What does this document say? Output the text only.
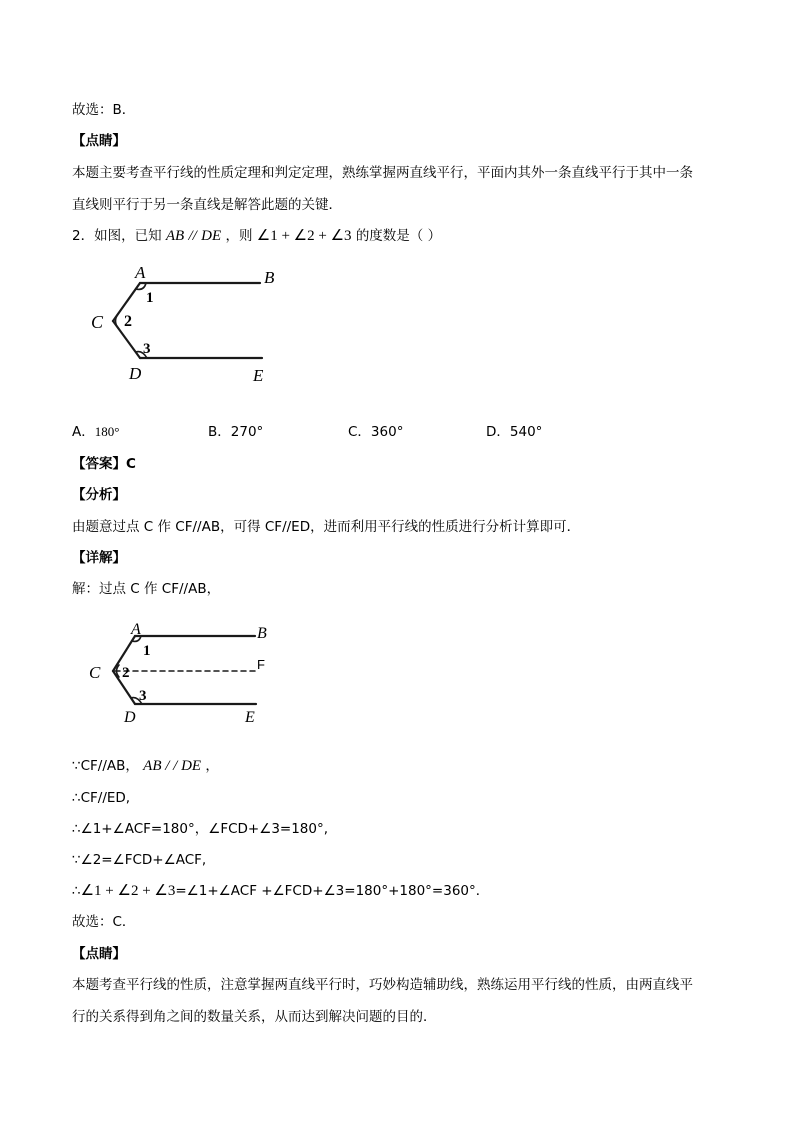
故选：B．
【点睛】
本题主要考查平行线的性质定理和判定定理，熟练掌握两直线平行，平面内其外一条直线平行于其中一条
直线则平行于另一条直线是解答此题的关键．
2．如图，已知 AB // DE ，则 ∠1 + ∠2 + ∠3 的度数是（ ）
A	B
C
D	E
1
2
3
A．180°	B．270°	C．360°	D．540°
【答案】C
【分析】
由题意过点 C 作 CF//AB，可得 CF//ED，进而利用平行线的性质进行分析计算即可．
【详解】
解：过点 C 作 CF//AB，
A	B
C
D	E
F
1
2
3
∵CF//AB， AB / / DE ，
∴CF//ED,
∴∠1+∠ACF=180°，∠FCD+∠3=180°,
∵∠2=∠FCD+∠ACF,
∴∠1 + ∠2 + ∠3=∠1+∠ACF +∠FCD+∠3=180°+180°=360°．
故选：C．
【点睛】
本题考查平行线的性质，注意掌握两直线平行时，巧妙构造辅助线，熟练运用平行线的性质，由两直线平
行的关系得到角之间的数量关系，从而达到解决问题的目的．
